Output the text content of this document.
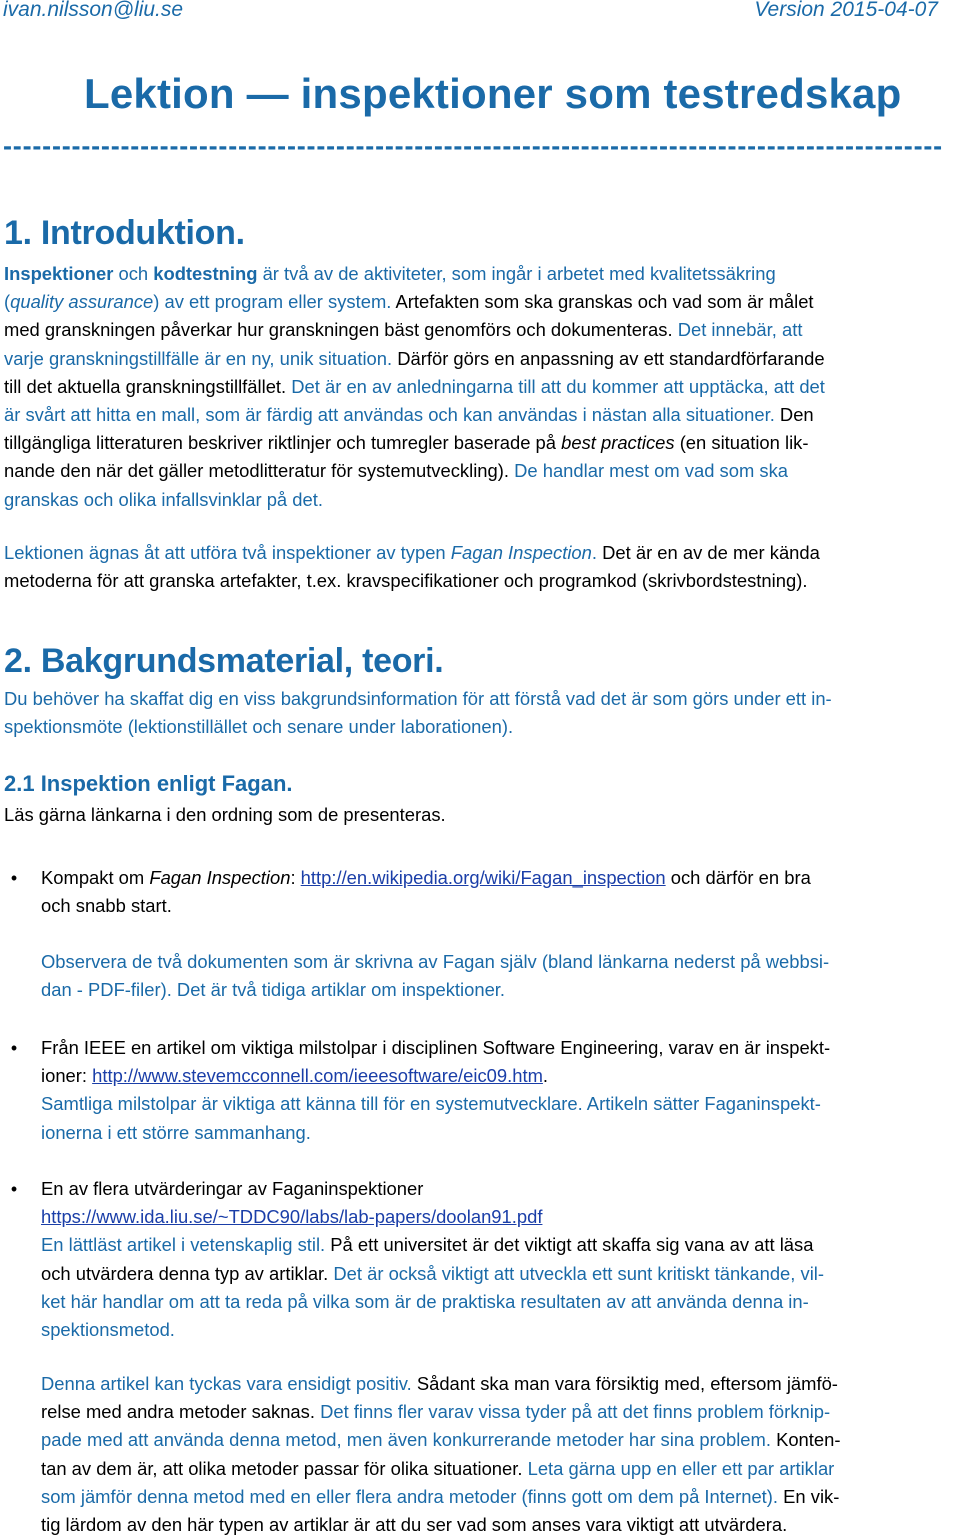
ivan.nilsson@liu.se	Version 2015-04-07
Lektion — inspektioner som testredskap
------------------------------------------------------------------------------------------------
1. Introduktion.
Inspektioner och kodtestning är två av de aktiviteter, som ingår i arbetet med kvalitetssäkring
(quality assurance) av ett program eller system. Artefakten som ska granskas och vad som är målet
med granskningen påverkar hur granskningen bäst genomförs och dokumenteras. Det innebär, att
varje granskningstillfälle är en ny, unik situation. Därför görs en anpassning av ett standardförfarande
till det aktuella granskningstillfället. Det är en av anledningarna till att du kommer att upptäcka, att det
är svårt att hitta en mall, som är färdig att användas och kan användas i nästan alla situationer. Den
tillgängliga litteraturen beskriver riktlinjer och tumregler baserade på best practices (en situation lik-
nande den när det gäller metodlitteratur för systemutveckling). De handlar mest om vad som ska
granskas och olika infallsvinklar på det.
Lektionen ägnas åt att utföra två inspektioner av typen Fagan Inspection. Det är en av de mer kända
metoderna för att granska artefakter, t.ex. kravspecifikationer och programkod (skrivbordstestning).
2. Bakgrundsmaterial, teori.
Du behöver ha skaffat dig en viss bakgrundsinformation för att förstå vad det är som görs under ett in-
spektionsmöte (lektionstillället och senare under laborationen).
2.1 Inspektion enligt Fagan.
Läs gärna länkarna i den ordning som de presenteras.
•	Kompakt om Fagan Inspection: http://en.wikipedia.org/wiki/Fagan_inspection och därför en bra
och snabb start.
Observera de två dokumenten som är skrivna av Fagan själv (bland länkarna nederst på webbsi-
dan - PDF-filer). Det är två tidiga artiklar om inspektioner.
•	Från IEEE en artikel om viktiga milstolpar i disciplinen Software Engineering, varav en är inspekt-
ioner: http://www.stevemcconnell.com/ieeesoftware/eic09.htm.
Samtliga milstolpar är viktiga att känna till för en systemutvecklare. Artikeln sätter Faganinspekt-
ionerna i ett större sammanhang.
•	En av flera utvärderingar av Faganinspektioner
https://www.ida.liu.se/~TDDC90/labs/lab-papers/doolan91.pdf
En lättläst artikel i vetenskaplig stil. På ett universitet är det viktigt att skaffa sig vana av att läsa
och utvärdera denna typ av artiklar. Det är också viktigt att utveckla ett sunt kritiskt tänkande, vil-
ket här handlar om att ta reda på vilka som är de praktiska resultaten av att använda denna in-
spektionsmetod.
Denna artikel kan tyckas vara ensidigt positiv. Sådant ska man vara försiktig med, eftersom jämfö-
relse med andra metoder saknas. Det finns fler varav vissa tyder på att det finns problem förknip-
pade med att använda denna metod, men även konkurrerande metoder har sina problem. Konten-
tan av dem är, att olika metoder passar för olika situationer. Leta gärna upp en eller ett par artiklar
som jämför denna metod med en eller flera andra metoder (finns gott om dem på Internet). En vik-
tig lärdom av den här typen av artiklar är att du ser vad som anses vara viktigt att utvärdera.
